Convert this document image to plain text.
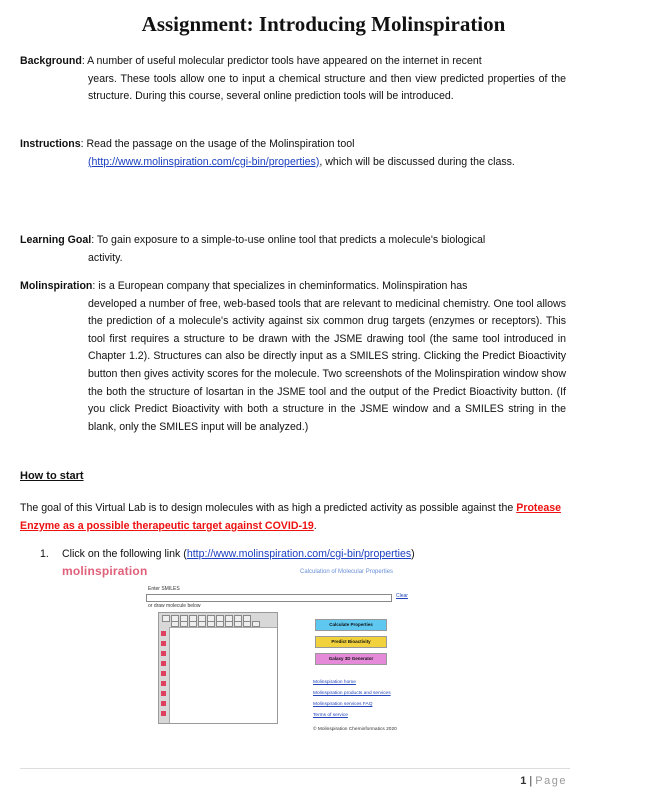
Assignment: Introducing Molinspiration
Background: A number of useful molecular predictor tools have appeared on the internet in recent
years. These tools allow one to input a chemical structure and then view predicted properties of the structure. During this course, several online prediction tools will be introduced.
Instructions: Read the passage on the usage of the Molinspiration tool
(http://www.molinspiration.com/cgi-bin/properties), which will be discussed during the class.
Learning Goal: To gain exposure to a simple-to-use online tool that predicts a molecule's biological
activity.
Molinspiration: is a European company that specializes in cheminformatics. Molinspiration has
developed a number of free, web-based tools that are relevant to medicinal chemistry. One tool allows the prediction of a molecule's activity against six common drug targets (enzymes or receptors). This tool first requires a structure to be drawn with the JSME drawing tool (the same tool introduced in Chapter 1.2). Structures can also be directly input as a SMILES string. Clicking the Predict Bioactivity button then gives activity scores for the molecule. Two screenshots of the Molinspiration window show the both the structure of losartan in the JSME tool and the output of the Predict Bioactivity button. (If you click Predict Bioactivity with both a structure in the JSME window and a SMILES string in the blank, only the SMILES input will be analyzed.)
How to start
The goal of this Virtual Lab is to design molecules with as high a predicted activity as possible against the Protease Enzyme as a possible therapeutic target against COVID-19.
1. Click on the following link (http://www.molinspiration.com/cgi-bin/properties)
molinspiration	Calculation of Molecular Properties
Enter SMILES
Clear
or draw molecule below
Calculate Properties
Predict Bioactivity
Galaxy 3D Generator
Molinspiration home
Molinspiration products and services
Molinspiration services FAQ
Terms of service
© Molinspiration Cheminformatics 2020
1 | Page
